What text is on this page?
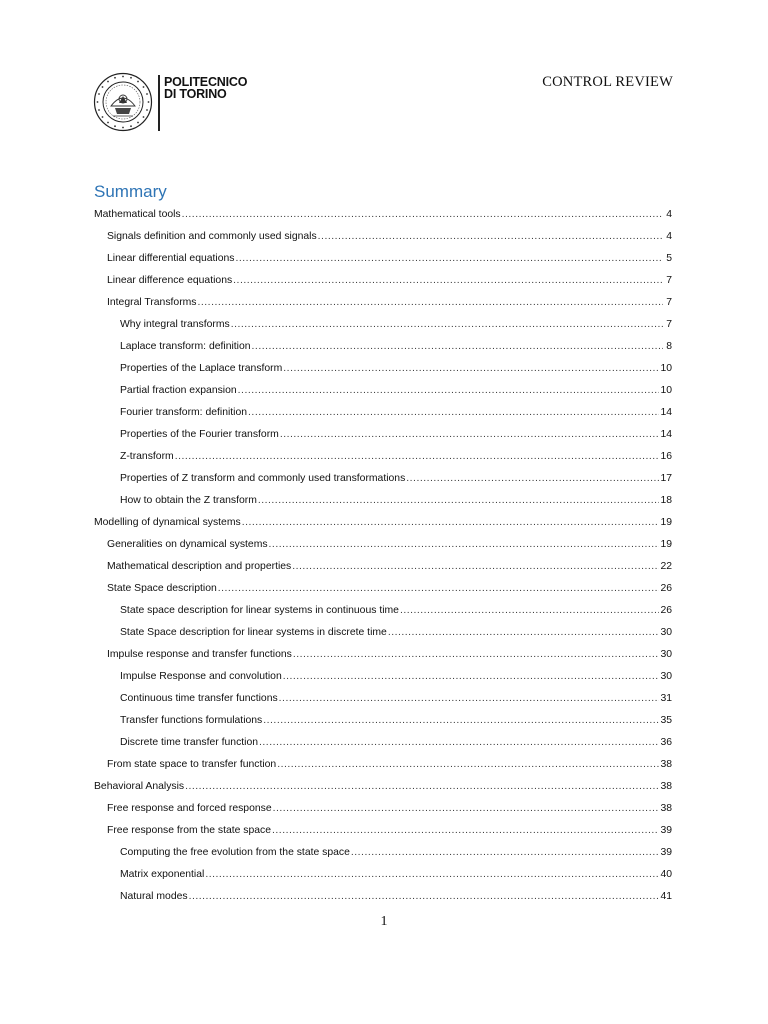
POLITECNICO
DI TORINO
CONTROL REVIEW
Summary
Mathematical tools .....	4
Signals definition and commonly used signals .....	4
Linear differential equations .....	5
Linear difference equations .....	7
Integral Transforms .....	7
Why integral transforms .....	7
Laplace transform: definition .....	8
Properties of the Laplace transform .....	10
Partial fraction expansion .....	10
Fourier transform: definition .....	14
Properties of the Fourier transform .....	14
Z-transform .....	16
Properties of Z transform and commonly used transformations .....	17
How to obtain the Z transform .....	18
Modelling of dynamical systems .....	19
Generalities on dynamical systems .....	19
Mathematical description and properties .....	22
State Space description .....	26
State space description for linear systems in continuous time .....	26
State Space description for linear systems in discrete time .....	30
Impulse response and transfer functions .....	30
Impulse Response and convolution .....	30
Continuous time transfer functions .....	31
Transfer functions formulations .....	35
Discrete time transfer function .....	36
From state space to transfer function .....	38
Behavioral Analysis .....	38
Free response and forced response .....	38
Free response from the state space .....	39
Computing the free evolution from the state space .....	39
Matrix exponential .....	40
Natural modes .....	41
1
